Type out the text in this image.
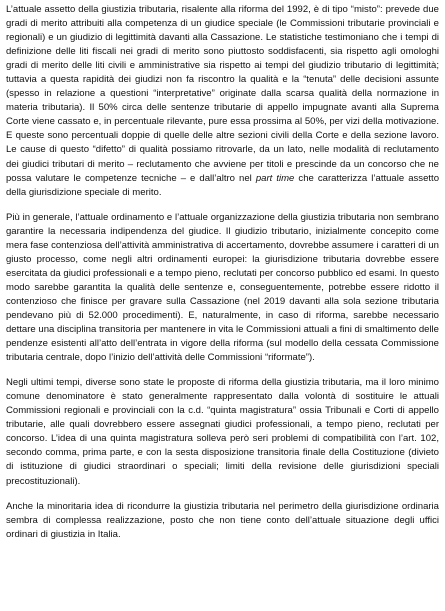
L’attuale assetto della giustizia tributaria, risalente alla riforma del 1992, è di tipo “misto”: prevede due gradi di merito attribuiti alla competenza di un giudice speciale (le Commissioni tributarie provinciali e regionali) e un giudizio di legittimità davanti alla Cassazione. Le statistiche testimoniano che i tempi di definizione delle liti fiscali nei gradi di merito sono piuttosto soddisfacenti, sia rispetto agli omologhi gradi di merito delle liti civili e amministrative sia rispetto ai tempi del giudizio tributario di legittimità; tuttavia a questa rapidità dei giudizi non fa riscontro la qualità e la “tenuta” delle decisioni assunte (spesso in relazione a questioni “interpretative” originate dalla scarsa qualità della normazione in materia tributaria). Il 50% circa delle sentenze tributarie di appello impugnate avanti alla Suprema Corte viene cassato e, in percentuale rilevante, pure essa prossima al 50%, per vizi della motivazione. E queste sono percentuali doppie di quelle delle altre sezioni civili della Corte e della sezione lavoro. Le cause di questo “difetto” di qualità possiamo ritrovarle, da un lato, nelle modalità di reclutamento dei giudici tributari di merito – reclutamento che avviene per titoli e prescinde da un concorso che ne possa valutare le competenze tecniche – e dall’altro nel part time che caratterizza l’attuale assetto della giurisdizione speciale di merito.

Più in generale, l’attuale ordinamento e l’attuale organizzazione della giustizia tributaria non sembrano garantire la necessaria indipendenza del giudice. Il giudizio tributario, inizialmente concepito come mera fase contenziosa dell’attività amministrativa di accertamento, dovrebbe assumere i caratteri di un giusto processo, come negli altri ordinamenti europei: la giurisdizione tributaria dovrebbe essere esercitata da giudici professionali e a tempo pieno, reclutati per concorso pubblico ed esami. In questo modo sarebbe garantita la qualità delle sentenze e, conseguentemente, potrebbe essere ridotto il contenzioso che finisce per gravare sulla Cassazione (nel 2019 davanti alla sola sezione tributaria pendevano più di 52.000 procedimenti). E, naturalmente, in caso di riforma, sarebbe necessario dettare una disciplina transitoria per mantenere in vita le Commissioni attuali a fini di smaltimento delle pendenze esistenti all’atto dell’entrata in vigore della riforma (sul modello della cessata Commissione tributaria centrale, dopo l’inizio dell’attività delle Commissioni “riformate”).

Negli ultimi tempi, diverse sono state le proposte di riforma della giustizia tributaria, ma il loro minimo comune denominatore è stato generalmente rappresentato dalla volontà di sostituire le attuali Commissioni regionali e provinciali con la c.d. “quinta magistratura” ossia Tribunali e Corti di appello tributarie, alle quali dovrebbero essere assegnati giudici professionali, a tempo pieno, reclutati per concorso. L’idea di una quinta magistratura solleva però seri problemi di compatibilità con l’art. 102, secondo comma, prima parte, e con la sesta disposizione transitoria finale della Costituzione (divieto di istituzione di giudici straordinari o speciali; limiti della revisione delle giurisdizioni speciali precostituzionali).

Anche la minoritaria idea di ricondurre la giustizia tributaria nel perimetro della giurisdizione ordinaria sembra di complessa realizzazione, posto che non tiene conto dell’attuale situazione degli uffici ordinari di giustizia in Italia.
